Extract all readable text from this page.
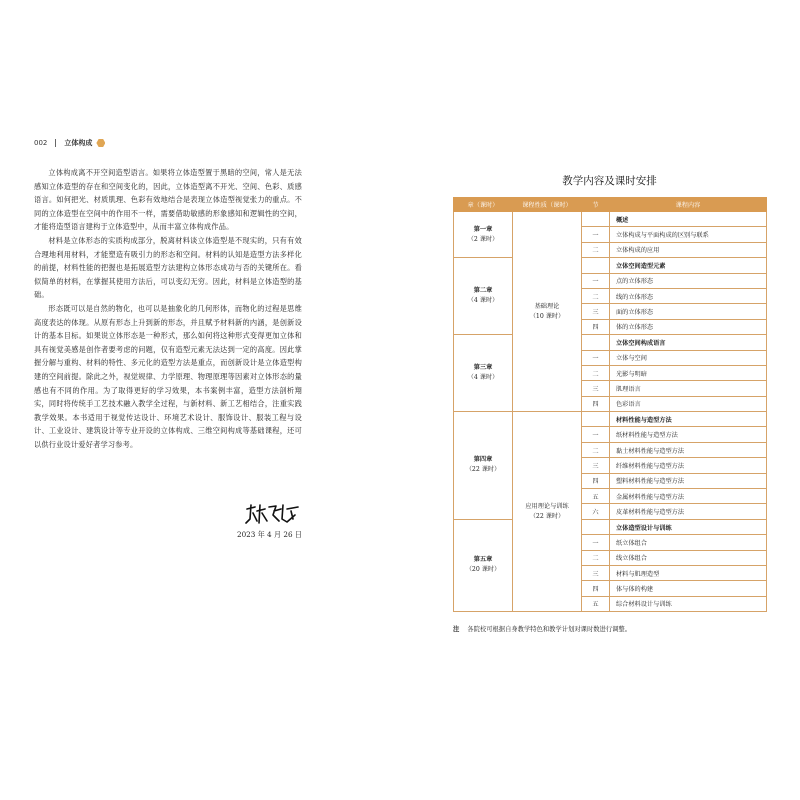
002 立体构成

立体构成离不开空间造型语言。如果将立体造型置于黑暗的空间，常人是无法感知立体造型的存在和空间变化的，因此，立体造型离不开光、空间、色彩、质感语言。如何把光、材质肌理、色彩有效地结合是表现立体造型视觉张力的重点。不同的立体造型在空间中的作用不一样，需要借助敏感的形象感知和逻辑性的空间，才能将造型语言建构于立体造型中，从而丰富立体构成作品。

材料是立体形态的实质构成部分，脱离材料谈立体造型是不现实的，只有有效合理地利用材料，才能塑造有吸引力的形态和空间。材料的认知是造型方法多样化的前提，材料性能的把握也是拓展造型方法建构立体形态成功与否的关键所在。看似简单的材料，在掌握其使用方法后，可以变幻无穷。因此，材料是立体造型的基础。

形态既可以是自然的物化，也可以是抽象化的几何形体，而物化的过程是思维高度表达的体现。从原有形态上升到新的形态，并且赋予材料新的内涵，是创新设计的基本目标。如果说立体形态是一种形式，那么如何将这种形式变得更加立体和具有视觉美感是创作者要考虑的问题，仅有造型元素无法达到一定的高度。因此掌握分解与重构、材料的特性、多元化的造型方法是重点，而创新设计是立体造型构建的空间前提。除此之外，视觉规律、力学原理、物理原理等因素对立体形态的量感也有不同的作用。为了取得更好的学习效果，本书案例丰富，造型方法剖析翔实，同时将传统手工艺技术融入教学全过程，与新材料、新工艺相结合，注重实践教学效果。本书适用于视觉传达设计、环境艺术设计、服饰设计、服装工程与设计、工业设计、建筑设计等专业开设的立体构成、三维空间构成等基础课程，还可以供行业设计爱好者学习参考。

2023 年 4 月 26 日
教学内容及课时安排
章（课时）	课程性质（课时）	节	课程内容

第一章
（2 课时）	基础理论
（10 课时）		概述
		一	立体构成与平面构成的区别与联系
		二	立体构成的应用

第二章
（4 课时）			立体空间造型元素
		一	点的立体形态
		二	线的立体形态
		三	面的立体形态
		四	体的立体形态

第三章
（4 课时）			立体空间构成语言
		一	立体与空间
		二	光影与明暗
		三	肌理语言
		四	色彩语言

第四章
（22 课时）	应用理论与训练
（22 课时）		材料性能与造型方法
		一	纸材料性能与造型方法
		二	黏土材料性能与造型方法
		三	纤维材料性能与造型方法
		四	塑料材料性能与造型方法
		五	金属材料性能与造型方法
		六	皮革材料性能与造型方法

第五章
（20 课时）			立体造型设计与训练
		一	纸立体组合
		二	线立体组合
		三	材料与肌理造型
		四	体与体的构建
		五	综合材料设计与训练
注 各院校可根据自身教学特色和教学计划对课时数进行调整。
